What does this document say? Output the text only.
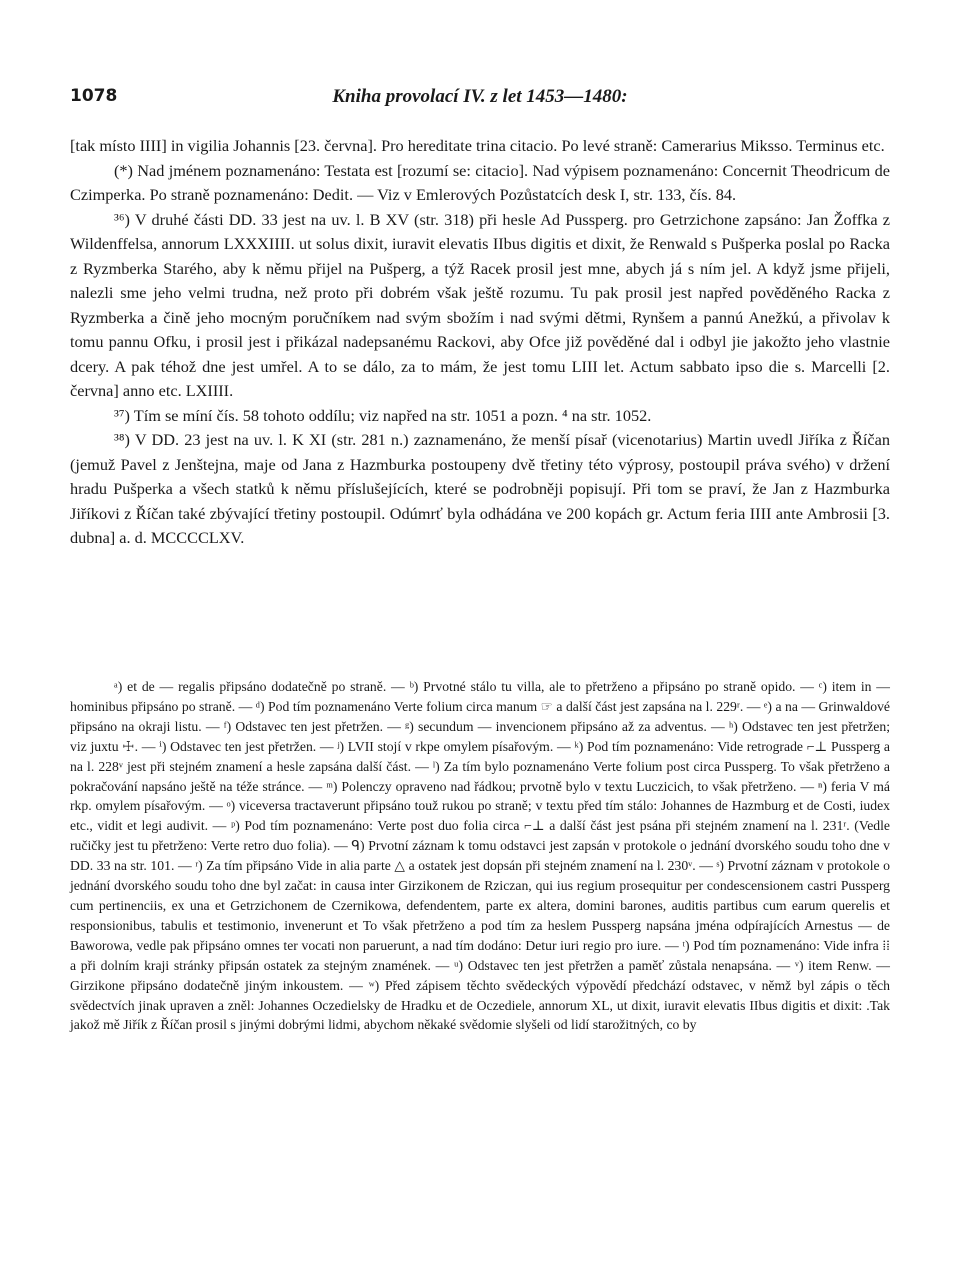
1078	Kniha provolací IV. z let 1453—1480:

[tak místo IIII] in vigilia Johannis [23. června]. Pro hereditate trina citacio. Po levé straně: Camerarius Miksso. Terminus etc.

(*) Nad jménem poznamenáno: Testata est [rozumí se: citacio]. Nad výpisem poznamenáno: Concernit Theodricum de Czimperka. Po straně poznamenáno: Dedit. — Viz v Emlerových Pozůstatcích desk I, str. 133, čís. 84.

³⁶) V druhé části DD. 33 jest na uv. l. B XV (str. 318) při hesle Ad Pussperg. pro Getrzichone zapsáno: Jan Žoffka z Wildenffelsa, annorum LXXXIIII. ut solus dixit, iuravit elevatis IIbus digitis et dixit, že Renwald s Pušperka poslal po Racka z Ryzmberka Starého, aby k němu přijel na Pušperg, a týž Racek prosil jest mne, abych já s ním jel. A když jsme přijeli, nalezli sme jeho velmi trudna, než proto při dobrém však ještě rozumu. Tu pak prosil jest napřed pověděného Racka z Ryzmberka a čině jeho mocným poručníkem nad svým sbožím i nad svými dětmi, Rynšem a pannú Anežkú, a přivolav k tomu pannu Ofku, i prosil jest i přikázal nadepsanému Rackovi, aby Ofce již pověděné dal i odbyl jie jakožto jeho vlastnie dcery. A pak téhož dne jest umřel. A to se dálo, za to mám, že jest tomu LIII let. Actum sabbato ipso die s. Marcelli [2. června] anno etc. LXIIII.

³⁷) Tím se míní čís. 58 tohoto oddílu; viz napřed na str. 1051 a pozn. ⁴ na str. 1052.

³⁸) V DD. 23 jest na uv. l. K XI (str. 281 n.) zaznamenáno, že menší písař (vicenotarius) Martin uvedl Jiříka z Říčan (jemuž Pavel z Jenštejna, maje od Jana z Hazmburka postoupeny dvě třetiny této výprosy, postoupil práva svého) v držení hradu Pušperka a všech statků k němu příslušejících, které se podrobněji popisují. Při tom se praví, že Jan z Hazmburka Jiříkovi z Říčan také zbývající třetiny postoupil. Odúmrť byla odhádána ve 200 kopách gr. Actum feria IIII ante Ambrosii [3. dubna] a. d. MCCCCLXV.

ᵃ) et de — regalis připsáno dodatečně po straně. — ᵇ) Prvotné stálo tu villa, ale to přetrženo a připsáno po straně opido. — ᶜ) item in — hominibus připsáno po straně. — ᵈ) Pod tím poznamenáno Verte folium circa manum ☞ a další část jest zapsána na l. 229ʳ. — ᵉ) a na — Grinwaldové připsáno na okraji listu. — ᶠ) Odstavec ten jest přetržen. — ᵍ) secundum — invencionem připsáno až za adventus. — ʰ) Odstavec ten jest přetržen; viz juxtu ☩. — ⁱ) Odstavec ten jest přetržen. — ʲ) LVII stojí v rkpe omylem písařovým. — ᵏ) Pod tím poznamenáno: Vide retrograde ⌐⊥ Pussperg a na l. 228ᵛ jest při stejném znamení a hesle zapsána další část. — ˡ) Za tím bylo poznamenáno Verte folium post circa Pussperg. To však přetrženo a pokračování napsáno ještě na téže stránce. — ᵐ) Polenczy opraveno nad řádkou; prvotně bylo v textu Luczicich, to však přetrženo. — ⁿ) feria V má rkp. omylem písařovým. — ᵒ) viceversa tractaverunt připsáno touž rukou po straně; v textu před tím stálo: Johannes de Hazmburg et de Costi, iudex etc., vidit et legi audivit. — ᵖ) Pod tím poznamenáno: Verte post duo folia circa ⌐⊥ a další část jest psána při stejném znamení na l. 231ʳ. (Vedle ručičky jest tu přetrženo: Verte retro duo folia). — ᑫ) Prvotní záznam k tomu odstavci jest zapsán v protokole o jednání dvorského soudu toho dne v DD. 33 na str. 101. — ʳ) Za tím připsáno Vide in alia parte △ a ostatek jest dopsán při stejném znamení na l. 230ᵛ. — ˢ) Prvotní záznam v protokole o jednání dvorského soudu toho dne byl začat: in causa inter Girzikonem de Rziczan, qui ius regium prosequitur per condescensionem castri Pussperg cum pertinenciis, ex una et Getrzichonem de Czernikowa, defendentem, parte ex altera, domini barones, auditis partibus cum earum querelis et responsionibus, tabulis et testimonio, invenerunt et To však přetrženo a pod tím za heslem Pussperg napsána jména odpírajících Arnestus — de Baworowa, vedle pak připsáno omnes ter vocati non paruerunt, a nad tím dodáno: Detur iuri regio pro iure. — ᵗ) Pod tím poznamenáno: Vide infra ⁞⁞ a při dolním kraji stránky připsán ostatek za stejným znamének. — ᵘ) Odstavec ten jest přetržen a paměť zůstala nenapsána. — ᵛ) item Renw. — Girzikone připsáno dodatečně jiným inkoustem. — ʷ) Před zápisem těchto svědeckých výpovědí předchází odstavec, v němž byl zápis o těch svědectvích jinak upraven a zněl: Johannes Oczedielsky de Hradku et de Oczediele, annorum XL, ut dixit, iuravit elevatis IIbus digitis et dixit: .Tak jakož mě Jiřík z Říčan prosil s jinými dobrými lidmi, abychom někaké svědomie slyšeli od lidí starožitných, co by
